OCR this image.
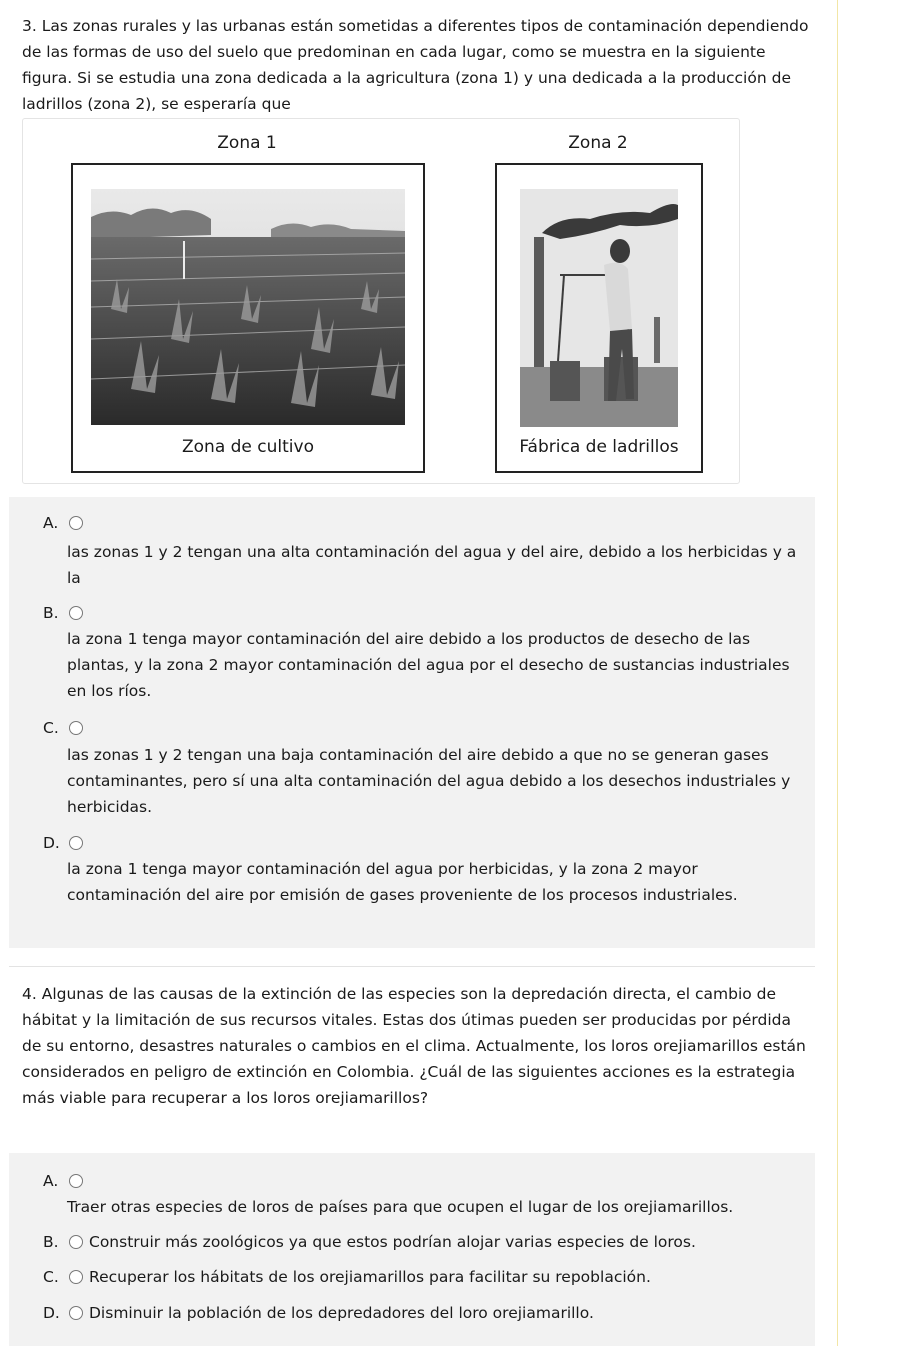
3. Las zonas rurales y las urbanas están sometidas a diferentes tipos de contaminación dependiendo de las formas de uso del suelo que predominan en cada lugar, como se muestra en la siguiente figura. Si se estudia una zona dedicada a la agricultura (zona 1) y una dedicada a la producción de ladrillos (zona 2), se esperaría que
Zona 1	Zona 2
Zona de cultivo	Fábrica de ladrillos
A.
las zonas 1 y 2 tengan una alta contaminación del agua y del aire, debido a los herbicidas y a la
B.
la zona 1 tenga mayor contaminación del aire debido a los productos de desecho de las plantas, y la zona 2 mayor contaminación del agua por el desecho de sustancias industriales en los ríos.
C.
las zonas 1 y 2 tengan una baja contaminación del aire debido a que no se generan gases contaminantes, pero sí una alta contaminación del agua debido a los desechos industriales y herbicidas.
D.
la zona 1 tenga mayor contaminación del agua por herbicidas, y la zona 2 mayor contaminación del aire por emisión de gases proveniente de los procesos industriales.
4. Algunas de las causas de la extinción de las especies son la depredación directa, el cambio de hábitat y la limitación de sus recursos vitales. Estas dos útimas pueden ser producidas por pérdida de su entorno, desastres naturales o cambios en el clima. Actualmente, los loros orejiamarillos están considerados en peligro de extinción en Colombia. ¿Cuál de las siguientes acciones es la estrategia más viable para recuperar a los loros orejiamarillos?
A.
Traer otras especies de loros de países para que ocupen el lugar de los orejiamarillos.
B. Construir más zoológicos ya que estos podrían alojar varias especies de loros.
C. Recuperar los hábitats de los orejiamarillos para facilitar su repoblación.
D. Disminuir la población de los depredadores del loro orejiamarillo.
